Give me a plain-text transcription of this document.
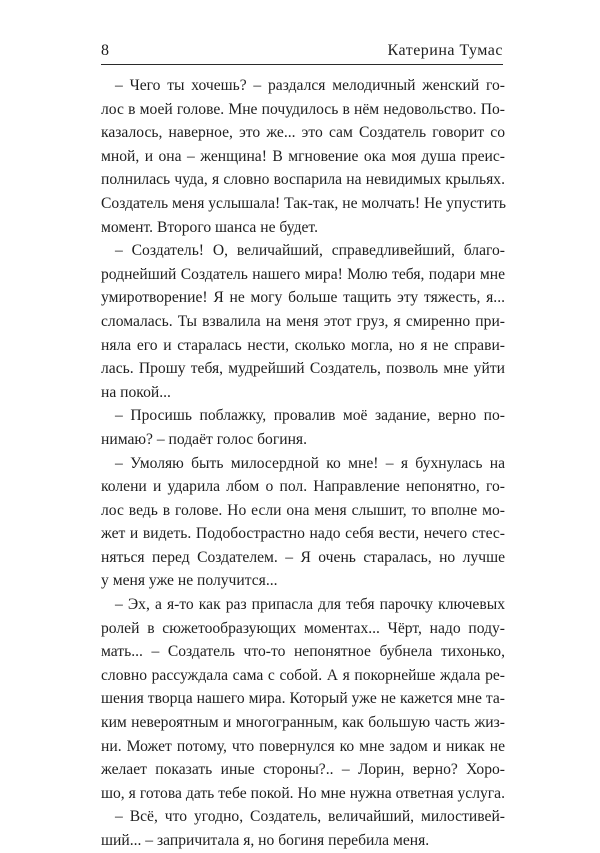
8	Катерина Тумас
– Чего ты хочешь? – раздался мелодичный женский го-
лос в моей голове. Мне почудилось в нём недовольство. По-
казалось, наверное, это же... это сам Создатель говорит со
мной, и она – женщина! В мгновение ока моя душа преис-
полнилась чуда, я словно воспарила на невидимых крыльях.
Создатель меня услышала! Так-так, не молчать! Не упустить
момент. Второго шанса не будет.
– Создатель! О, величайший, справедливейший, благо-
роднейший Создатель нашего мира! Молю тебя, подари мне
умиротворение! Я не могу больше тащить эту тяжесть, я...
сломалась. Ты взвалила на меня этот груз, я смиренно при-
няла его и старалась нести, сколько могла, но я не справи-
лась. Прошу тебя, мудрейший Создатель, позволь мне уйти
на покой...
– Просишь поблажку, провалив моё задание, верно по-
нимаю? – подаёт голос богиня.
– Умоляю быть милосердной ко мне! – я бухнулась на
колени и ударила лбом о пол. Направление непонятно, го-
лос ведь в голове. Но если она меня слышит, то вполне мо-
жет и видеть. Подобострастно надо себя вести, нечего стес-
няться перед Создателем. – Я очень старалась, но лучше
у меня уже не получится...
– Эх, а я-то как раз припасла для тебя парочку ключевых
ролей в сюжетообразующих моментах... Чёрт, надо поду-
мать... – Создатель что-то непонятное бубнела тихонько,
словно рассуждала сама с собой. А я покорнейше ждала ре-
шения творца нашего мира. Который уже не кажется мне та-
ким невероятным и многогранным, как большую часть жиз-
ни. Может потому, что повернулся ко мне задом и никак не
желает показать иные стороны?.. – Лорин, верно? Хоро-
шо, я готова дать тебе покой. Но мне нужна ответная услуга.
– Всё, что угодно, Создатель, величайший, милостивей-
ший... – запричитала я, но богиня перебила меня.
